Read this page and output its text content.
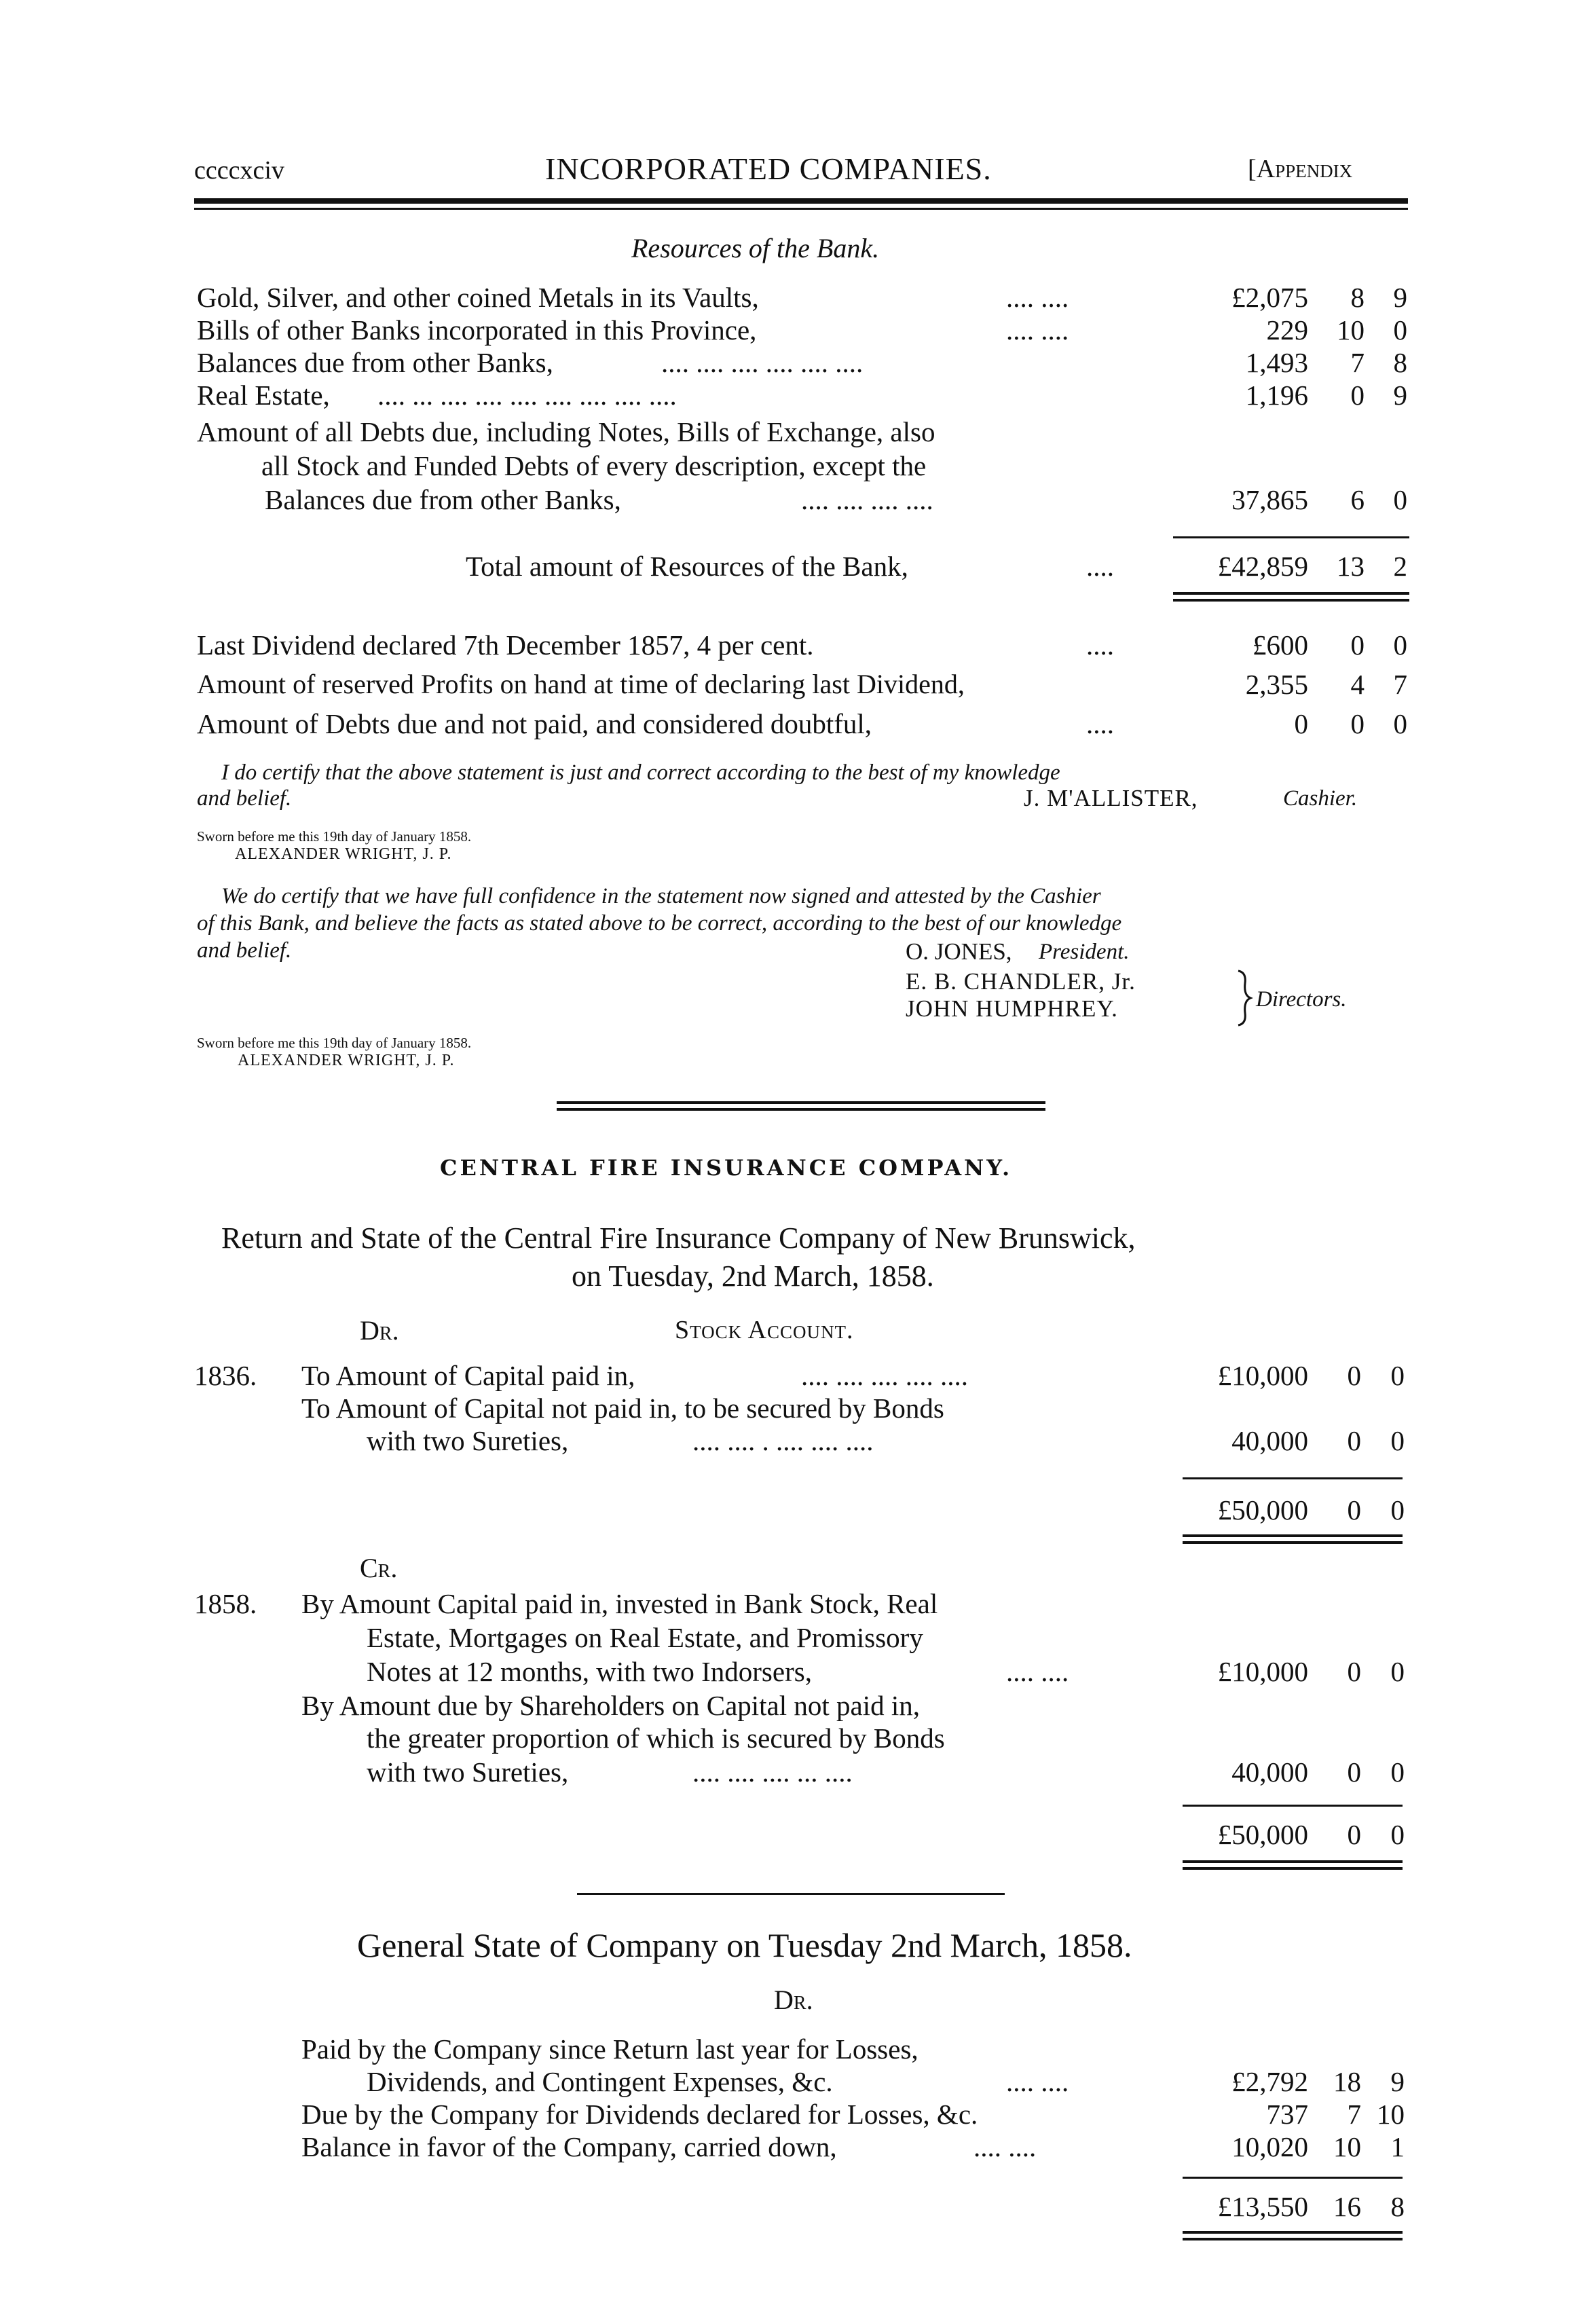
ccccxciv	INCORPORATED COMPANIES.	[Appendix
Resources of the Bank.
Gold, Silver, and other coined Metals in its Vaults,	.... ....	£2,075 8 9
Bills of other Banks incorporated in this Province,	.... ....	229 10 0
Balances due from other Banks,	.... .... .... .... .... ....	1,493 7 8
Real Estate, .... ... .... .... .... .... .... .... ....	1,196 0 9
Amount of all Debts due, including Notes, Bills of Exchange, also
all Stock and Funded Debts of every description, except the
Balances due from other Banks,	.... .... .... ....	37,865 6 0
Total amount of Resources of the Bank,	....	£42,859 13 2
Last Dividend declared 7th December 1857, 4 per cent.	....	£600 0 0
Amount of reserved Profits on hand at time of declaring last Dividend,	2,355 4 7
Amount of Debts due and not paid, and considered doubtful,	....	0 0 0
I do certify that the above statement is just and correct according to the best of my knowledge
and belief.	J. M'ALLISTER,	Cashier.
Sworn before me this 19th day of January 1858.
ALEXANDER WRIGHT, J. P.
We do certify that we have full confidence in the statement now signed and attested by the Cashier
of this Bank, and believe the facts as stated above to be correct, according to the best of our knowledge
and belief.	O. JONES, President.
E. B. CHANDLER, Jr.
JOHN HUMPHREY.	Directors.
Sworn before me this 19th day of January 1858.
ALEXANDER WRIGHT, J. P.
CENTRAL FIRE INSURANCE COMPANY.
Return and State of the Central Fire Insurance Company of New Brunswick,
on Tuesday, 2nd March, 1858.
Dr.	Stock Account.
1836. To Amount of Capital paid in,	.... .... .... .... ....	£10,000 0 0
To Amount of Capital not paid in, to be secured by Bonds
with two Sureties,	.... .... . .... .... ....	40,000 0 0
£50,000 0 0
Cr.
1858. By Amount Capital paid in, invested in Bank Stock, Real
Estate, Mortgages on Real Estate, and Promissory
Notes at 12 months, with two Indorsers,	.... ....	£10,000 0 0
By Amount due by Shareholders on Capital not paid in,
the greater proportion of which is secured by Bonds
with two Sureties,	.... .... .... ... ....	40,000 0 0
£50,000 0 0
General State of Company on Tuesday 2nd March, 1858.
Dr.
Paid by the Company since Return last year for Losses,
Dividends, and Contingent Expenses, &c.	.... ....	£2,792 18 9
Due by the Company for Dividends declared for Losses, &c.	737 7 10
Balance in favor of the Company, carried down,	.... ....	10,020 10 1
£13,550 16 8
